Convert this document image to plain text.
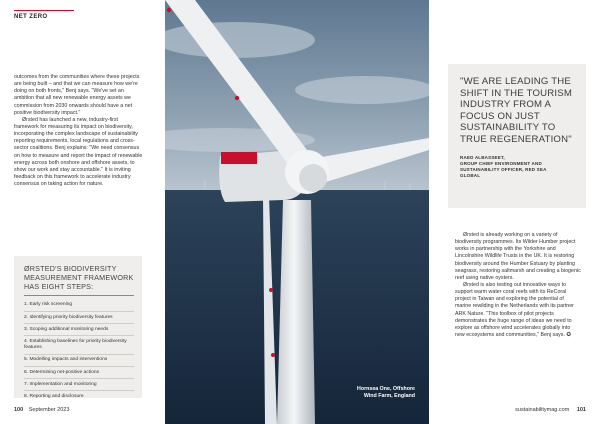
NET ZERO

outcomes from the communities where these projects are being built – and that we can measure how we're doing on both fronts," Benj says. "We've set an ambition that all new renewable energy assets we commission from 2030 onwards should have a net positive biodiversity impact."

Ørsted has launched a new, industry-first framework for measuring its impact on biodiversity, incorporating the complex landscape of sustainability reporting requirements, local regulations and cross-sector coalitions. Benj explains: "We need consensus on how to measure and report the impact of renewable energy across both onshore and offshore assets, to show our work and stay accountable." It is inviting feedback on this framework to accelerate industry consensus on taking action for nature.

ØRSTED'S BIODIVERSITY MEASUREMENT FRAMEWORK HAS EIGHT STEPS:
1. Early risk screening
2. Identifying priority biodiversity features
3. Scoping additional monitoring needs
4. Establishing baselines for priority biodiversity features
5. Modelling impacts and interventions
6. Determining net-positive actions
7. Implementation and monitoring
8. Reporting and disclosure
Hornsea One, Offshore Wind Farm, England

"WE ARE LEADING THE SHIFT IN THE TOURISM INDUSTRY FROM A FOCUS ON JUST SUSTAINABILITY TO TRUE REGENERATION"

RAED ALBASSEET,
GROUP CHIEF ENVIRONMENT AND SUSTAINABILITY OFFICER, RED SEA GLOBAL

Ørsted is already working on a variety of biodiversity programmes. Its Wilder Humber project works in partnership with the Yorkshire and Lincolnshire Wildlife Trusts in the UK. It is restoring biodiversity around the Humber Estuary by planting seagrass, restoring saltmarsh and creating a biogenic reef using native oysters.

Ørsted is also testing out innovative ways to support warm water coral reefs with its ReCoral project in Taiwan and exploring the potential of marine rewilding in the Netherlands with its partner ARK Nature. "This toolbox of pilot projects demonstrates the huge range of ideas we need to explore as offshore wind accelerates globally into new ecosystems and communities," Benj says. ✪

100 September 2023	sustainabilitymag.com 101
